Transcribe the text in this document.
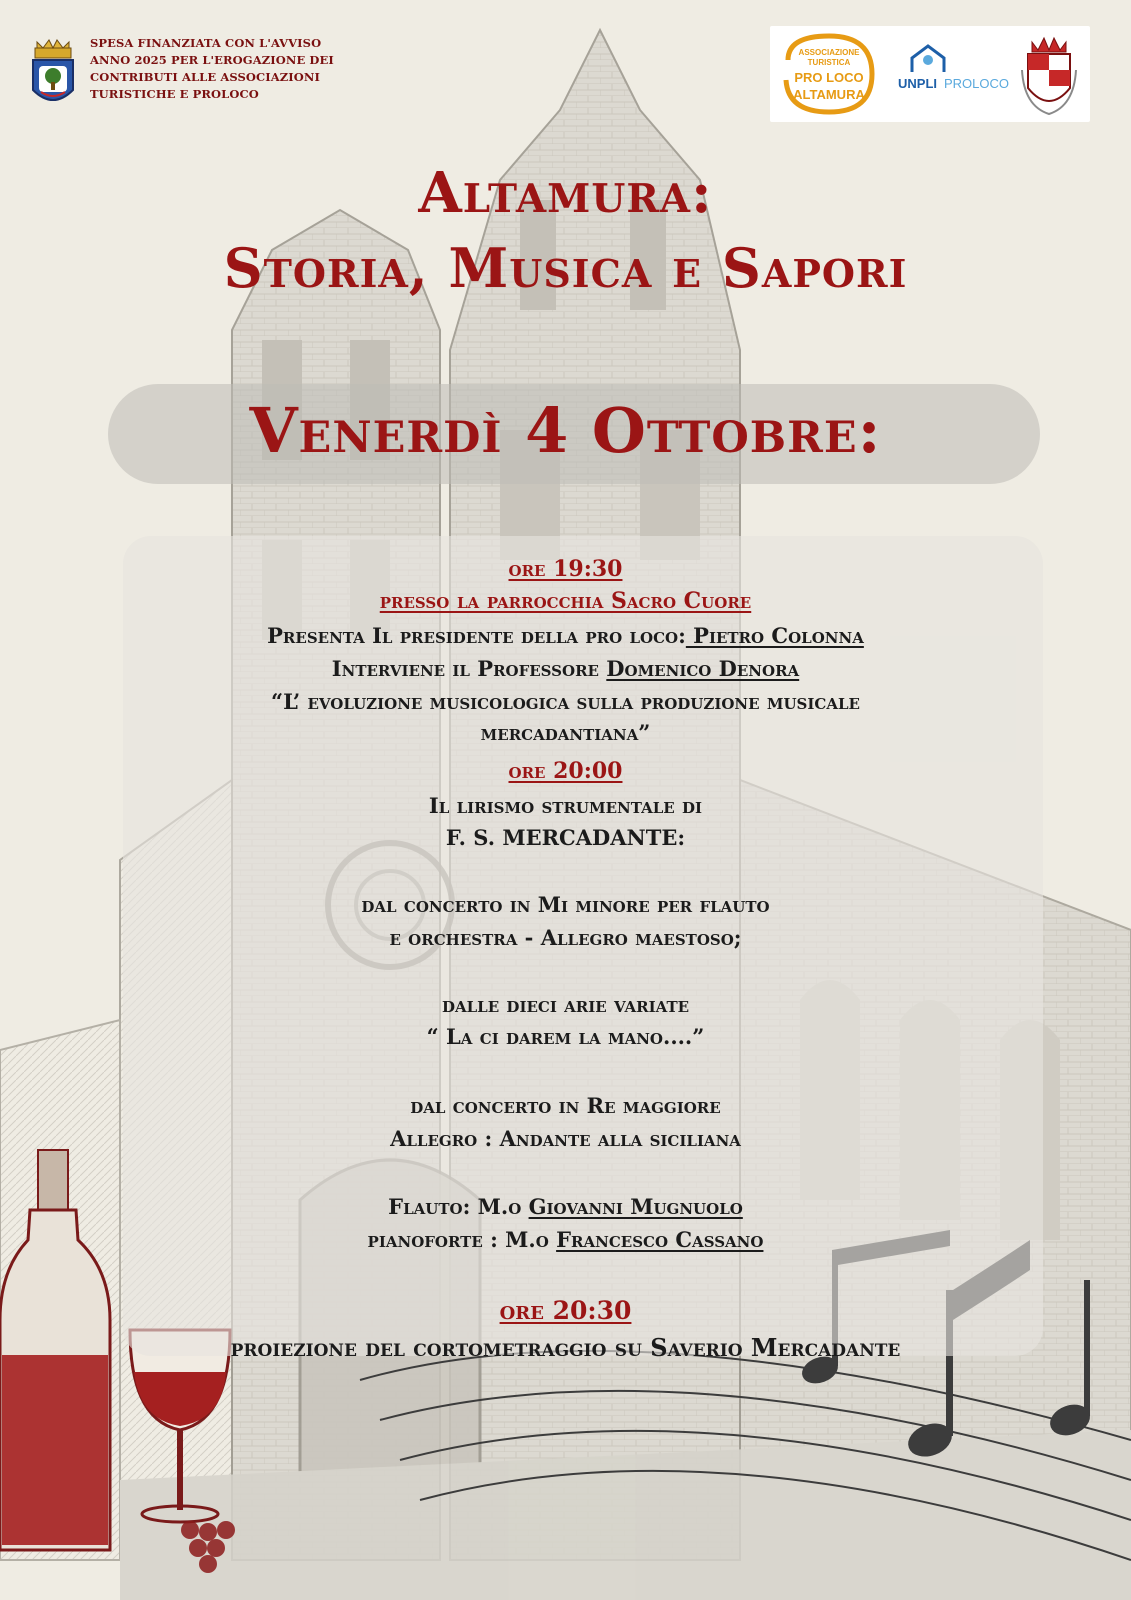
SPESA FINANZIATA CON L'AVVISO
ANNO 2025 PER L'EROGAZIONE DEI
CONTRIBUTI ALLE ASSOCIAZIONI
TURISTICHE E PROLOCO
ASSOCIAZIONE
TURISTICA
PRO LOCO
ALTAMURA
UNPLI PROLOCO
Altamura:
Storia, Musica e Sapori
Venerdì 4 Ottobre:
ore 19:30
presso la parrocchia Sacro Cuore
Presenta Il presidente della pro loco: Pietro Colonna
Interviene il Professore Domenico Denora
“L’ evoluzione musicologica sulla produzione musicale
mercadantiana”
ore 20:00
Il lirismo strumentale di
F. S. MERCADANTE:
dal concerto in Mi minore per flauto
e orchestra - Allegro maestoso;
dalle dieci arie variate
“ La ci darem la mano....”
dal concerto in Re maggiore
Allegro : Andante alla siciliana
Flauto: M.o Giovanni Mugnuolo
pianoforte : M.o Francesco Cassano
ore 20:30
proiezione del cortometraggio su Saverio Mercadante
